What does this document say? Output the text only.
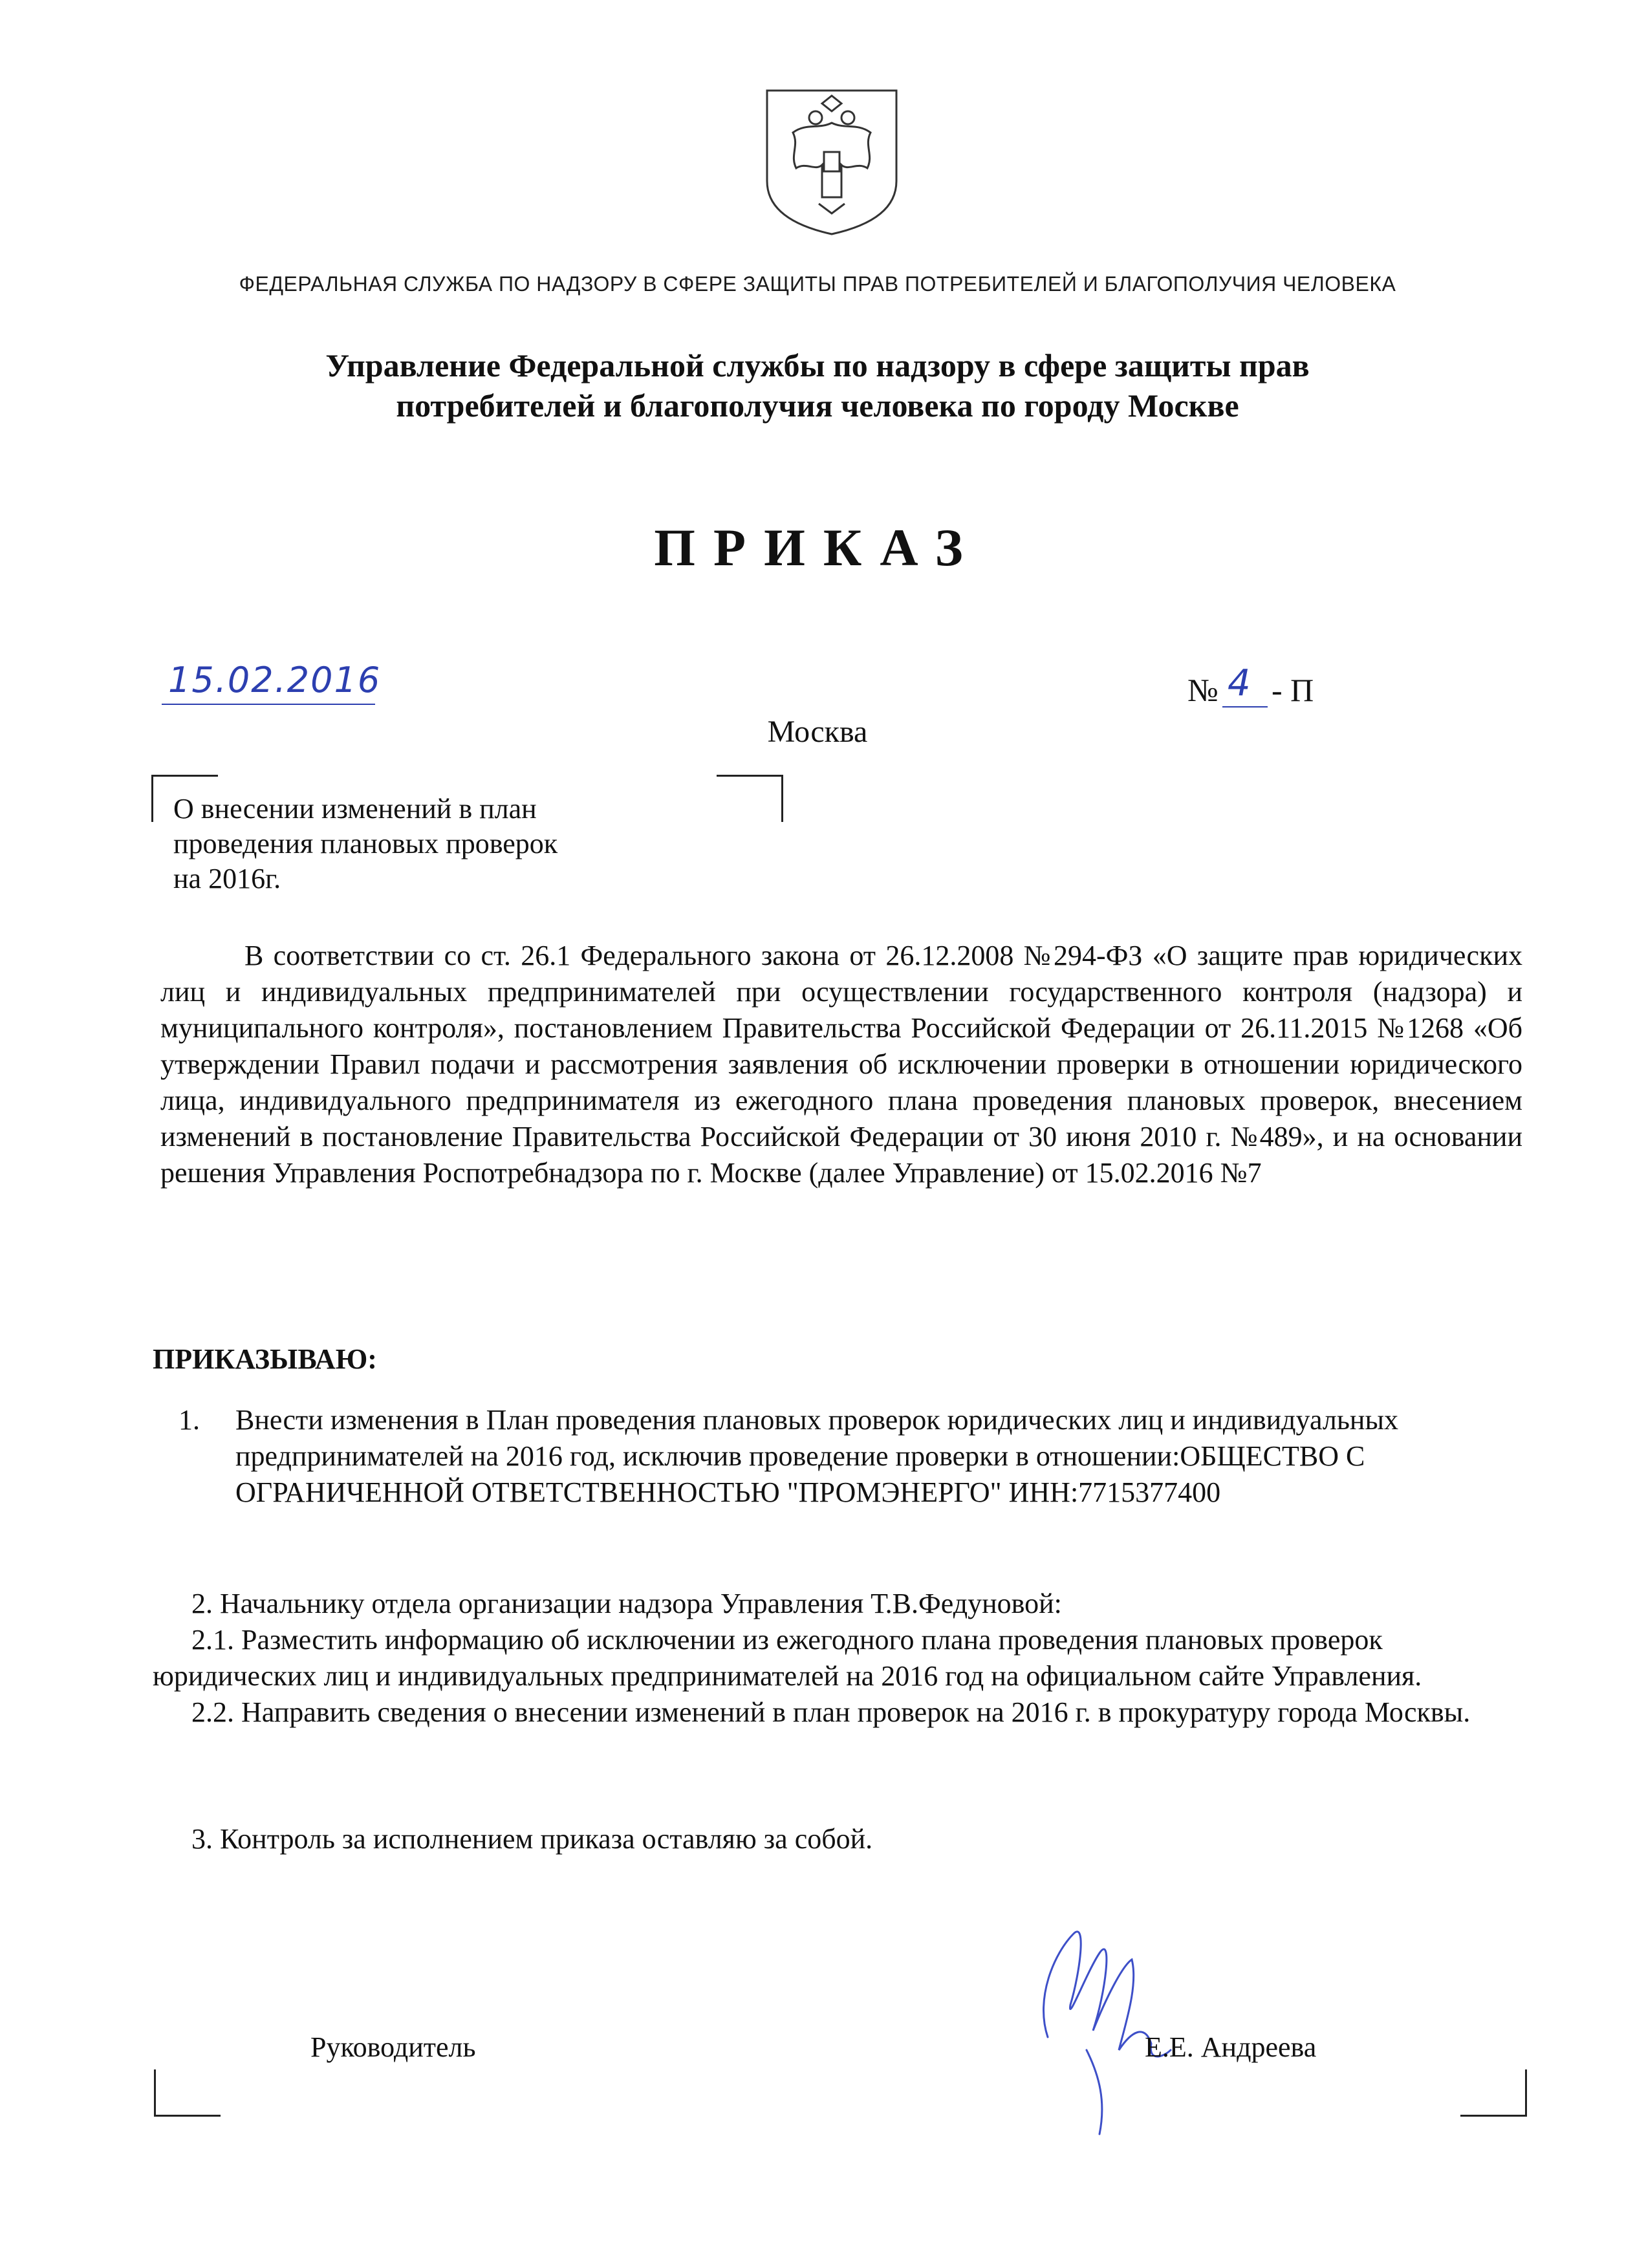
ФЕДЕРАЛЬНАЯ СЛУЖБА ПО НАДЗОРУ В СФЕРЕ ЗАЩИТЫ ПРАВ ПОТРЕБИТЕЛЕЙ И БЛАГОПОЛУЧИЯ ЧЕЛОВЕКА
Управление Федеральной службы по надзору в сфере защиты прав потребителей и благополучия человека по городу Москве
ПРИКАЗ
15.02.2016	№ 4 - П
Москва
О внесении изменений в план проведения плановых проверок на 2016г.
В соответствии со ст. 26.1 Федерального закона от 26.12.2008 №294-ФЗ «О защите прав юридических лиц и индивидуальных предпринимателей при осуществлении государственного контроля (надзора) и муниципального контроля», постановлением Правительства Российской Федерации от 26.11.2015 №1268 «Об утверждении Правил подачи и рассмотрения заявления об исключении проверки в отношении юридического лица, индивидуального предпринимателя из ежегодного плана проведения плановых проверок, внесением изменений в постановление Правительства Российской Федерации от 30 июня 2010 г. №489», и на основании решения Управления Роспотребнадзора по г. Москве (далее Управление) от 15.02.2016 №7
ПРИКАЗЫВАЮ:
1. Внести изменения в План проведения плановых проверок юридических лиц и индивидуальных предпринимателей на 2016 год, исключив проведение проверки в отношении:ОБЩЕСТВО С ОГРАНИЧЕННОЙ ОТВЕТСТВЕННОСТЬЮ "ПРОМЭНЕРГО" ИНН:7715377400

2. Начальнику отдела организации надзора Управления Т.В.Федуновой:

2.1. Разместить информацию об исключении из ежегодного плана проведения плановых проверок юридических лиц и индивидуальных предпринимателей на 2016 год на официальном сайте Управления.

2.2. Направить сведения о внесении изменений в план проверок на 2016 г. в прокуратуру города Москвы.

3. Контроль за исполнением приказа оставляю за собой.
Руководитель	Е.Е. Андреева
